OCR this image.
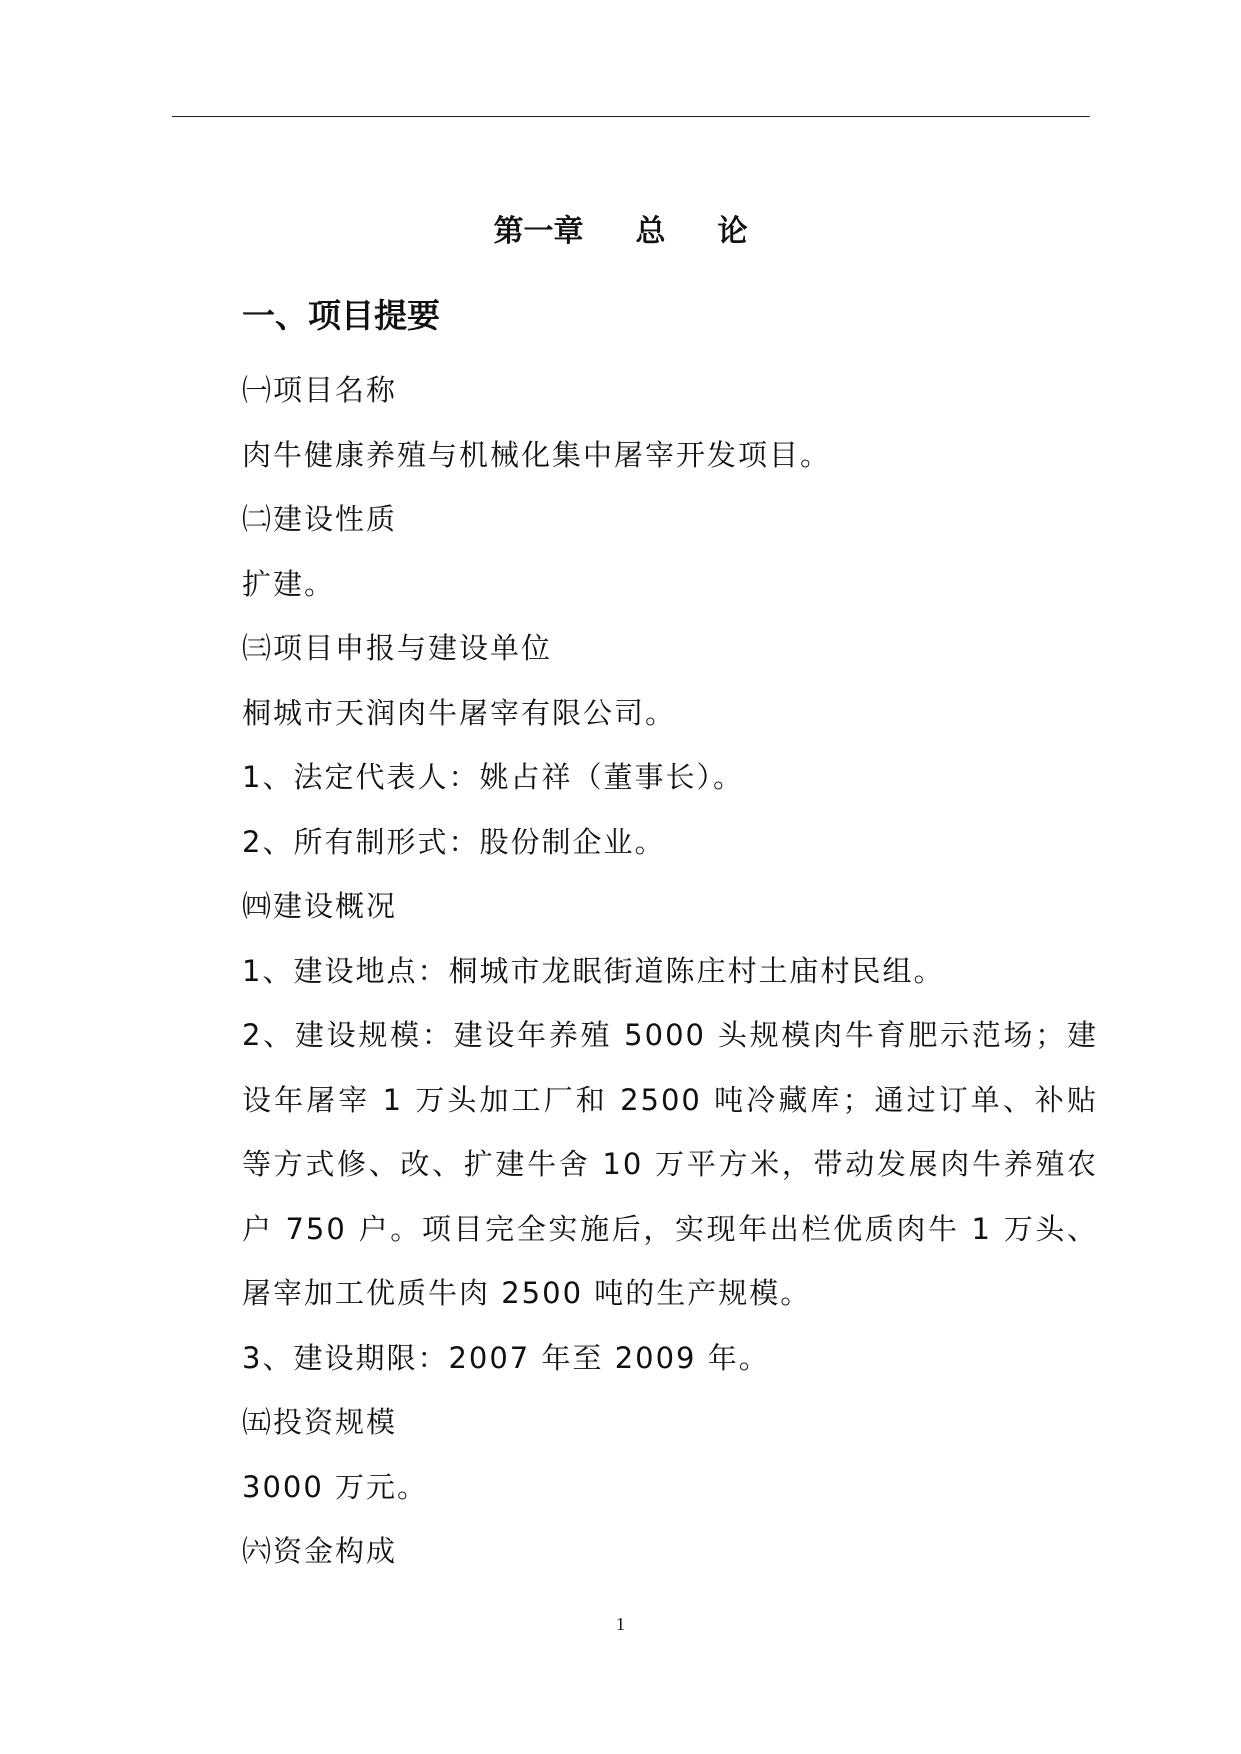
第一章 总 论
一、项目提要

㈠项目名称

肉牛健康养殖与机械化集中屠宰开发项目。

㈡建设性质

扩建。

㈢项目申报与建设单位

桐城市天润肉牛屠宰有限公司。

1、法定代表人：姚占祥（董事长）。

2、所有制形式：股份制企业。

㈣建设概况

1、建设地点：桐城市龙眠街道陈庄村土庙村民组。

2、建设规模：建设年养殖 5000 头规模肉牛育肥示范场；建设年屠宰 1 万头加工厂和 2500 吨冷藏库；通过订单、补贴等方式修、改、扩建牛舍 10 万平方米，带动发展肉牛养殖农户 750 户。项目完全实施后，实现年出栏优质肉牛 1 万头、屠宰加工优质牛肉 2500 吨的生产规模。

3、建设期限：2007 年至 2009 年。

㈤投资规模

3000 万元。

㈥资金构成

1
